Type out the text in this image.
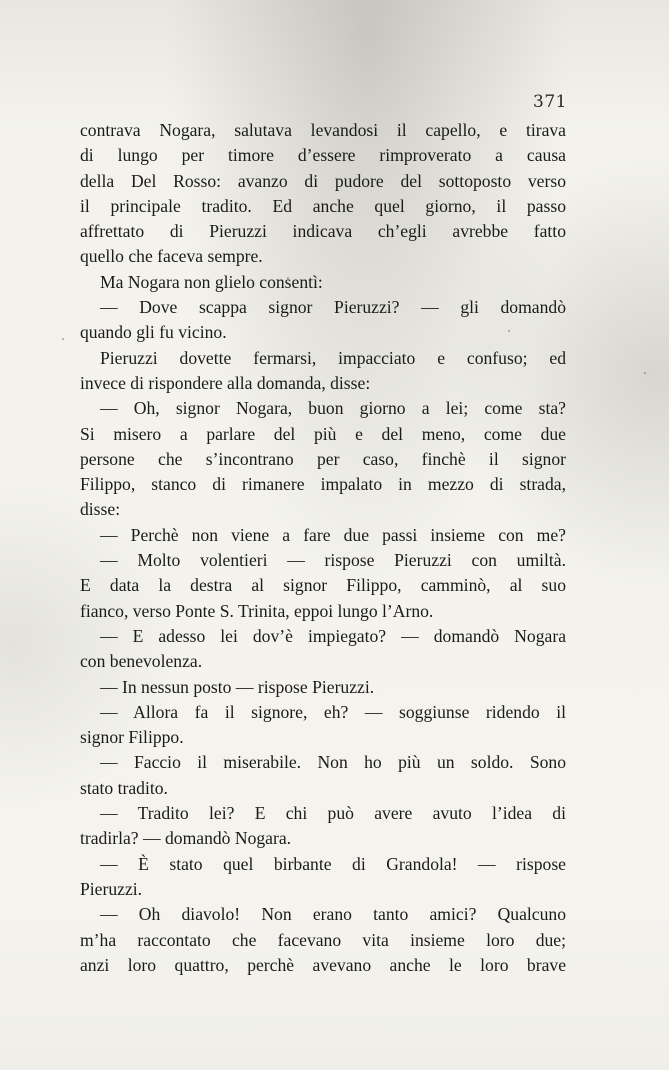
371
contrava Nogara, salutava levandosi il capello, e tirava
di lungo per timore d’essere rimproverato a causa
della Del Rosso: avanzo di pudore del sottoposto verso
il principale tradito. Ed anche quel giorno, il passo
affrettato di Pieruzzi indicava ch’egli avrebbe fatto
quello che faceva sempre.
Ma Nogara non glielo consentì:
— Dove scappa signor Pieruzzi? — gli domandò
quando gli fu vicino.
Pieruzzi dovette fermarsi, impacciato e confuso; ed
invece di rispondere alla domanda, disse:
— Oh, signor Nogara, buon giorno a lei; come sta?
Si misero a parlare del più e del meno, come due
persone che s’incontrano per caso, finchè il signor
Filippo, stanco di rimanere impalato in mezzo di strada,
disse:
— Perchè non viene a fare due passi insieme con me?
— Molto volentieri — rispose Pieruzzi con umiltà.
E data la destra al signor Filippo, camminò, al suo
fianco, verso Ponte S. Trinita, eppoi lungo l’Arno.
— E adesso lei dov’è impiegato? — domandò Nogara
con benevolenza.
— In nessun posto — rispose Pieruzzi.
— Allora fa il signore, eh? — soggiunse ridendo il
signor Filippo.
— Faccio il miserabile. Non ho più un soldo. Sono
stato tradito.
— Tradito lei? E chi può avere avuto l’idea di
tradirla? — domandò Nogara.
— È stato quel birbante di Grandola! — rispose
Pieruzzi.
— Oh diavolo! Non erano tanto amici? Qualcuno
m’ha raccontato che facevano vita insieme loro due;
anzi loro quattro, perchè avevano anche le loro brave
